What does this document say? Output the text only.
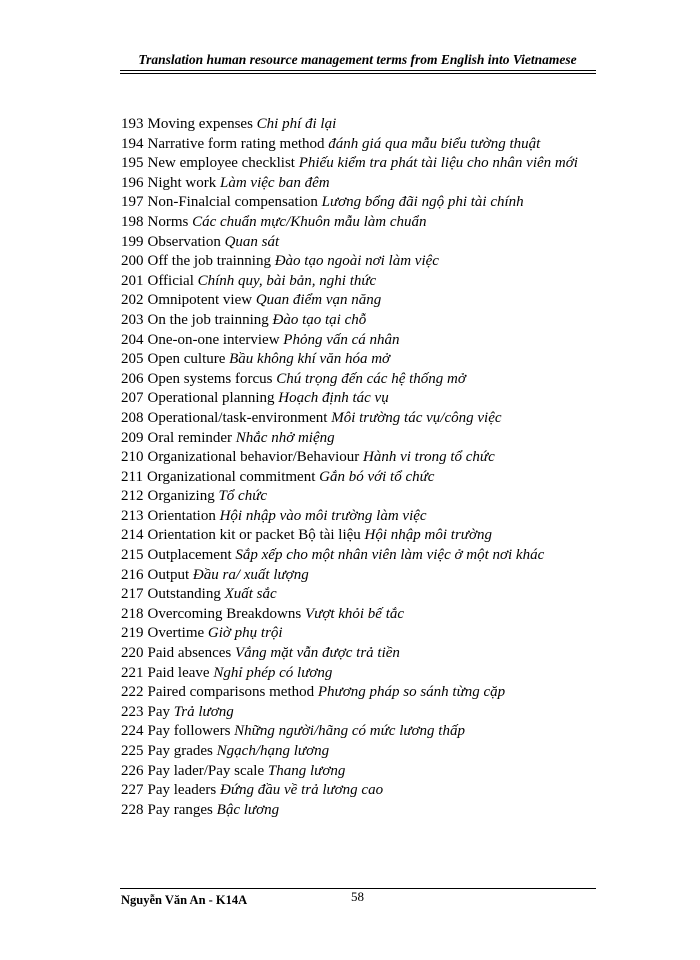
Translation human resource management terms from English into Vietnamese
193 Moving expenses Chi phí đi lại
194 Narrative form rating method đánh giá qua mẫu biểu tường thuật
195 New employee checklist Phiếu kiểm tra phát tài liệu cho nhân viên mới
196 Night work Làm việc ban đêm
197 Non-Finalcial compensation Lương bổng đãi ngộ phi tài chính
198 Norms Các chuẩn mực/Khuôn mẫu làm chuẩn
199 Observation Quan sát
200 Off the job trainning Đào tạo ngoài nơi làm việc
201 Official Chính quy, bài bản, nghi thức
202 Omnipotent view Quan điểm vạn năng
203 On the job trainning Đào tạo tại chỗ
204 One-on-one interview Phỏng vấn cá nhân
205 Open culture Bầu không khí văn hóa mở
206 Open systems forcus Chú trọng đến các hệ thống mở
207 Operational planning Hoạch định tác vụ
208 Operational/task-environment Môi trường tác vụ/công việc
209 Oral reminder Nhắc nhở miệng
210 Organizational behavior/Behaviour Hành vi trong tổ chức
211 Organizational commitment Gắn bó với tổ chức
212 Organizing Tổ chức
213 Orientation Hội nhập vào môi trường làm việc
214 Orientation kit or packet Bộ tài liệu Hội nhập môi trường
215 Outplacement Sắp xếp cho một nhân viên làm việc ở một nơi khác
216 Output Đầu ra/ xuất lượng
217 Outstanding Xuất sắc
218 Overcoming Breakdowns Vượt khỏi bế tắc
219 Overtime Giờ phụ trội
220 Paid absences Vắng mặt vẫn được trả tiền
221 Paid leave Nghỉ phép có lương
222 Paired comparisons method Phương pháp so sánh từng cặp
223 Pay Trả lương
224 Pay followers Những người/hãng có mức lương thấp
225 Pay grades Ngạch/hạng lương
226 Pay lader/Pay scale Thang lương
227 Pay leaders Đứng đầu về trả lương cao
228 Pay ranges Bậc lương
Nguyễn Văn An - K14A	58
